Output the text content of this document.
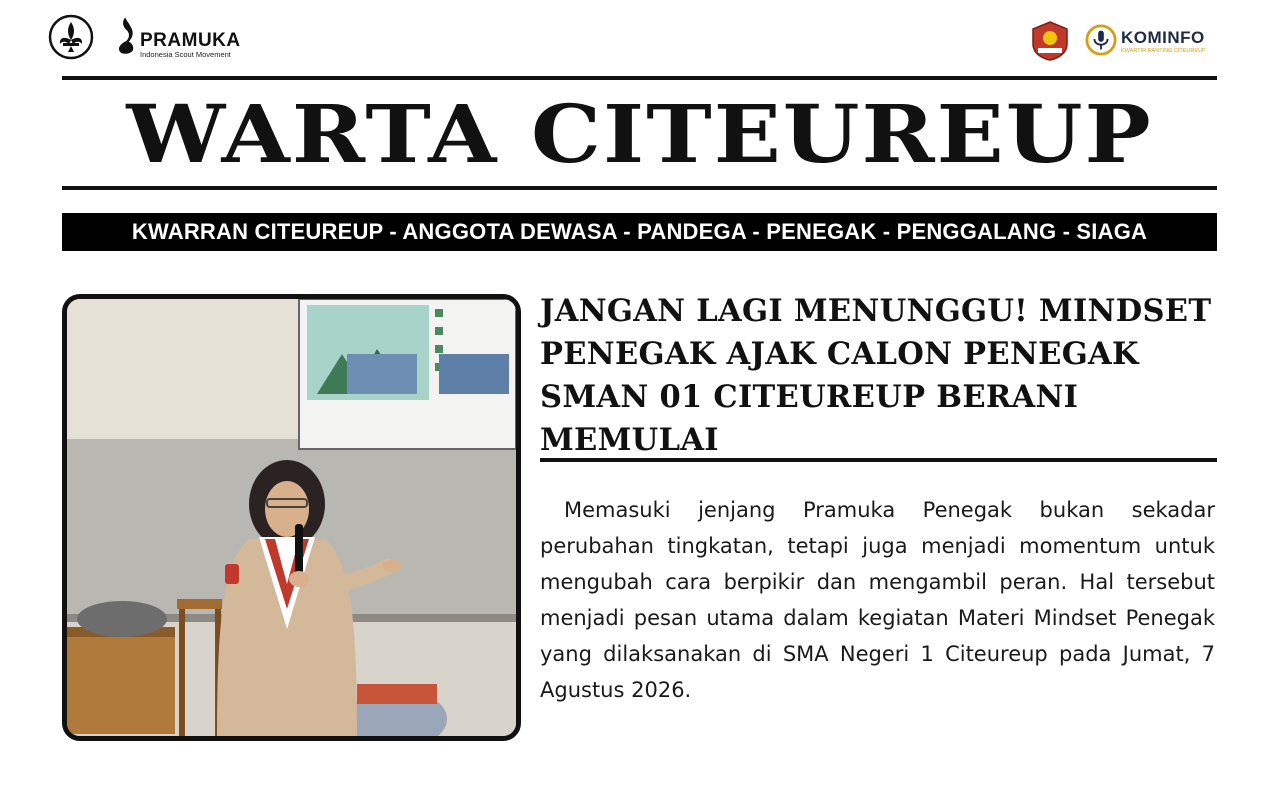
PRAMUKA
Indonesia Scout Movement
KOMINFO
KWARTIR RANTING CITEUREUP
WARTA CITEUREUP
KWARRAN CITEUREUP - ANGGOTA DEWASA - PANDEGA - PENEGAK - PENGGALANG - SIAGA
JANGAN LAGI MENUNGGU! MINDSET PENEGAK AJAK CALON PENEGAK SMAN 01 CITEUREUP BERANI MEMULAI

Memasuki jenjang Pramuka Penegak bukan sekadar perubahan tingkatan, tetapi juga menjadi momentum untuk mengubah cara berpikir dan mengambil peran. Hal tersebut menjadi pesan utama dalam kegiatan Materi Mindset Penegak yang dilaksanakan di SMA Negeri 1 Citeureup pada Jumat, 7 Agustus 2026.
